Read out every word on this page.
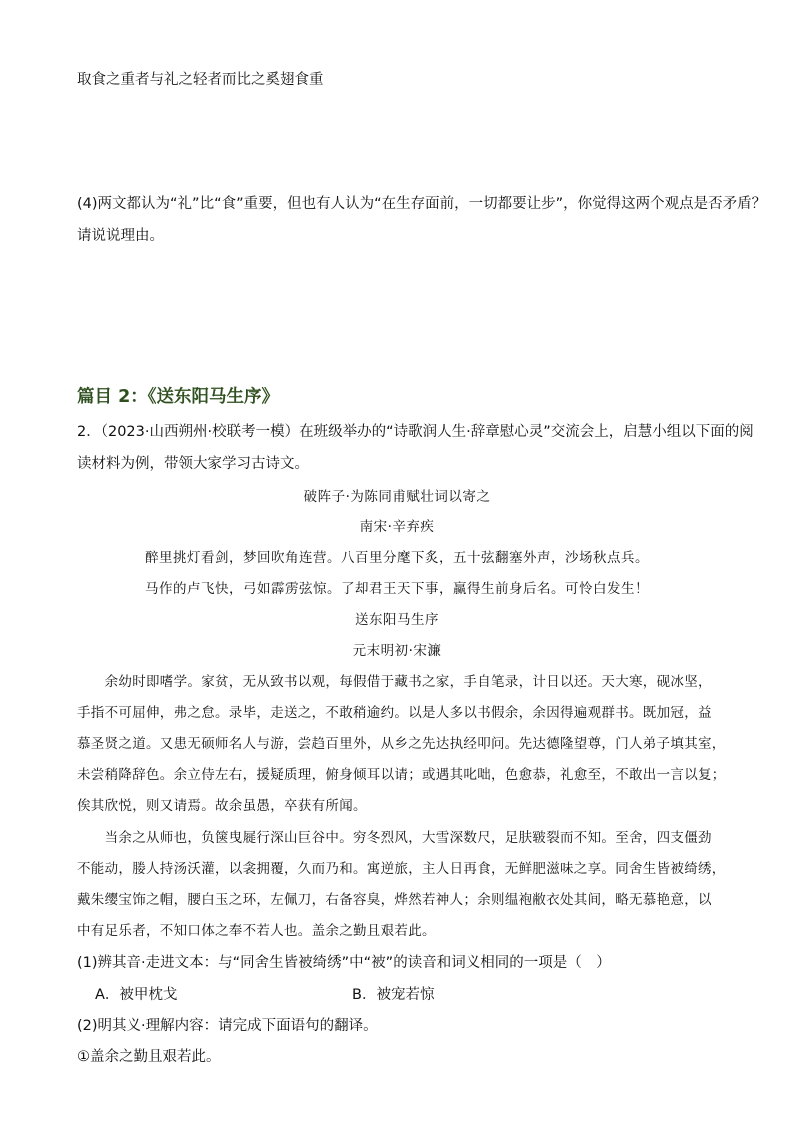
取食之重者与礼之轻者而比之奚翅食重
(4)两文都认为“礼”比“食”重要，但也有人认为“在生存面前，一切都要让步”，你觉得这两个观点是否矛盾？
请说说理由。
篇目 2：《送东阳马生序》
2．（2023·山西朔州·校联考一模）在班级举办的“诗歌润人生·辞章慰心灵”交流会上，启慧小组以下面的阅
读材料为例，带领大家学习古诗文。
破阵子·为陈同甫赋壮词以寄之
南宋·辛弃疾
醉里挑灯看剑，梦回吹角连营。八百里分麾下炙，五十弦翻塞外声，沙场秋点兵。
马作的卢飞快，弓如霹雳弦惊。了却君王天下事，赢得生前身后名。可怜白发生！
送东阳马生序
元末明初·宋濂
　　余幼时即嗜学。家贫，无从致书以观，每假借于藏书之家，手自笔录，计日以还。天大寒，砚冰坚，
手指不可屈伸，弗之怠。录毕，走送之，不敢稍逾约。以是人多以书假余，余因得遍观群书。既加冠，益
慕圣贤之道。又患无硕师名人与游，尝趋百里外，从乡之先达执经叩问。先达德隆望尊，门人弟子填其室，
未尝稍降辞色。余立侍左右，援疑质理，俯身倾耳以请；或遇其叱咄，色愈恭，礼愈至，不敢出一言以复；
俟其欣悦，则又请焉。故余虽愚，卒获有所闻。
　　当余之从师也，负箧曳屣行深山巨谷中。穷冬烈风，大雪深数尺，足肤皲裂而不知。至舍，四支僵劲
不能动，媵人持汤沃灌，以衾拥覆，久而乃和。寓逆旅，主人日再食，无鲜肥滋味之享。同舍生皆被绮绣，
戴朱缨宝饰之帽，腰白玉之环，左佩刀，右备容臭，烨然若神人；余则缊袍敝衣处其间，略无慕艳意，以
中有足乐者，不知口体之奉不若人也。盖余之勤且艰若此。
(1)辨其音·走进文本：与“同舍生皆被绮绣”中“被”的读音和词义相同的一项是（　）
A．被甲枕戈	B．被宠若惊
(2)明其义·理解内容：请完成下面语句的翻译。
①盖余之勤且艰若此。
